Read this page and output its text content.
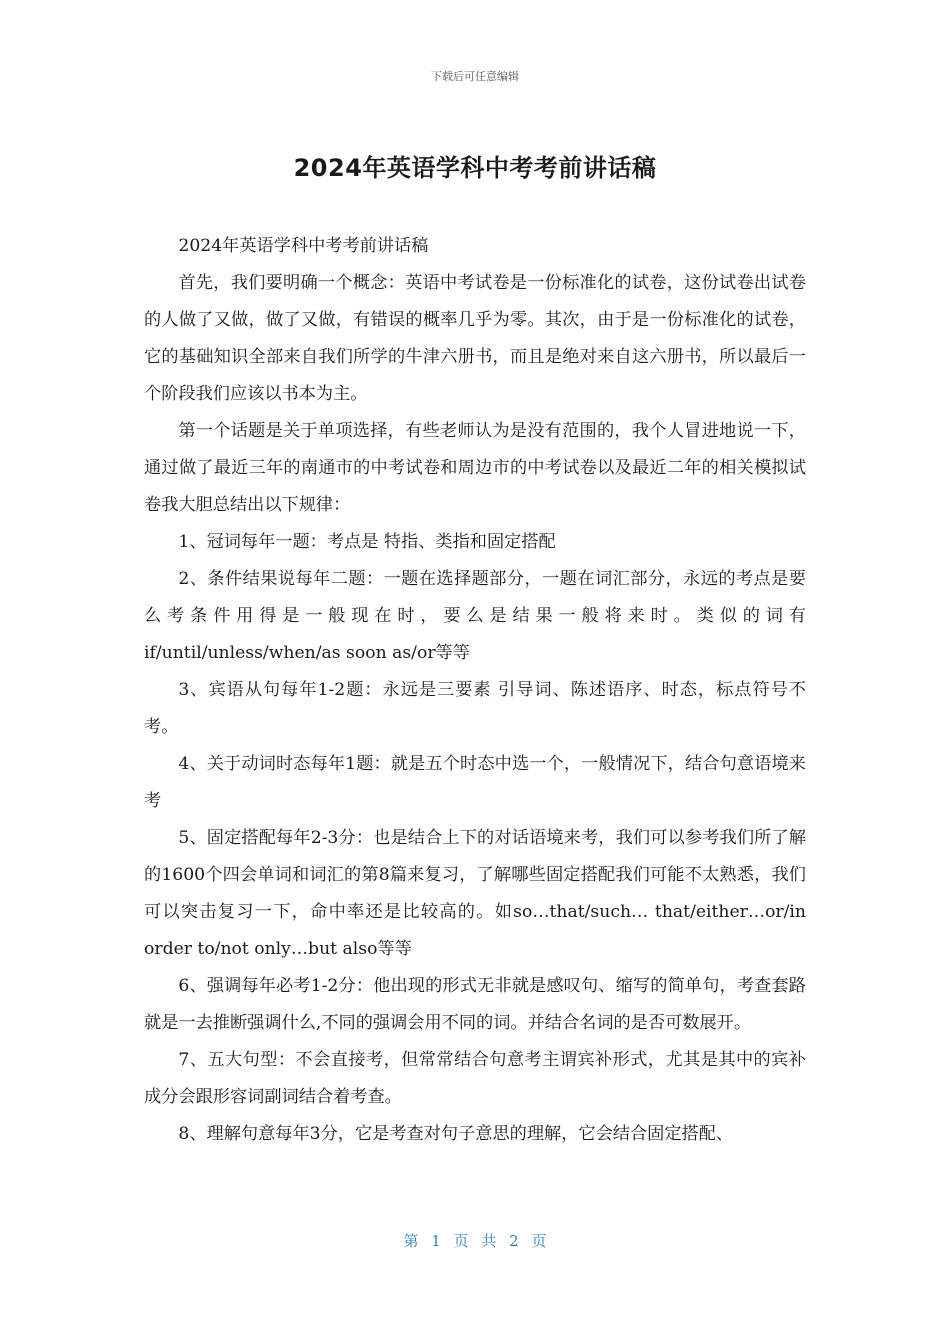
下载后可任意编辑
2024年英语学科中考考前讲话稿

2024年英语学科中考考前讲话稿

首先，我们要明确一个概念：英语中考试卷是一份标准化的试卷，这份试卷出试卷的人做了又做，做了又做，有错误的概率几乎为零。其次，由于是一份标准化的试卷，它的基础知识全部来自我们所学的牛津六册书，而且是绝对来自这六册书，所以最后一个阶段我们应该以书本为主。

第一个话题是关于单项选择，有些老师认为是没有范围的，我个人冒进地说一下，通过做了最近三年的南通市的中考试卷和周边市的中考试卷以及最近二年的相关模拟试卷我大胆总结出以下规律：

1、冠词每年一题：考点是 特指、类指和固定搭配

2、条件结果说每年二题：一题在选择题部分，一题在词汇部分，永远的考点是要么考条件用得是一般现在时，要么是结果一般将来时。类似的词有if/until/unless/when/as soon as/or等等

3、宾语从句每年1-2题：永远是三要素 引导词、陈述语序、时态，标点符号不考。

4、关于动词时态每年1题：就是五个时态中选一个，一般情况下，结合句意语境来考

5、固定搭配每年2-3分：也是结合上下的对话语境来考，我们可以参考我们所了解的1600个四会单词和词汇的第8篇来复习，了解哪些固定搭配我们可能不太熟悉，我们可以突击复习一下，命中率还是比较高的。如so…that/such… that/either…or/in order to/not only…but also等等

6、强调每年必考1-2分：他出现的形式无非就是感叹句、缩写的简单句，考查套路就是一去推断强调什么,不同的强调会用不同的词。并结合名词的是否可数展开。

7、五大句型：不会直接考，但常常结合句意考主谓宾补形式，尤其是其中的宾补成分会跟形容词副词结合着考查。

8、理解句意每年3分，它是考查对句子意思的理解，它会结合固定搭配、

第 1 页 共 2 页
